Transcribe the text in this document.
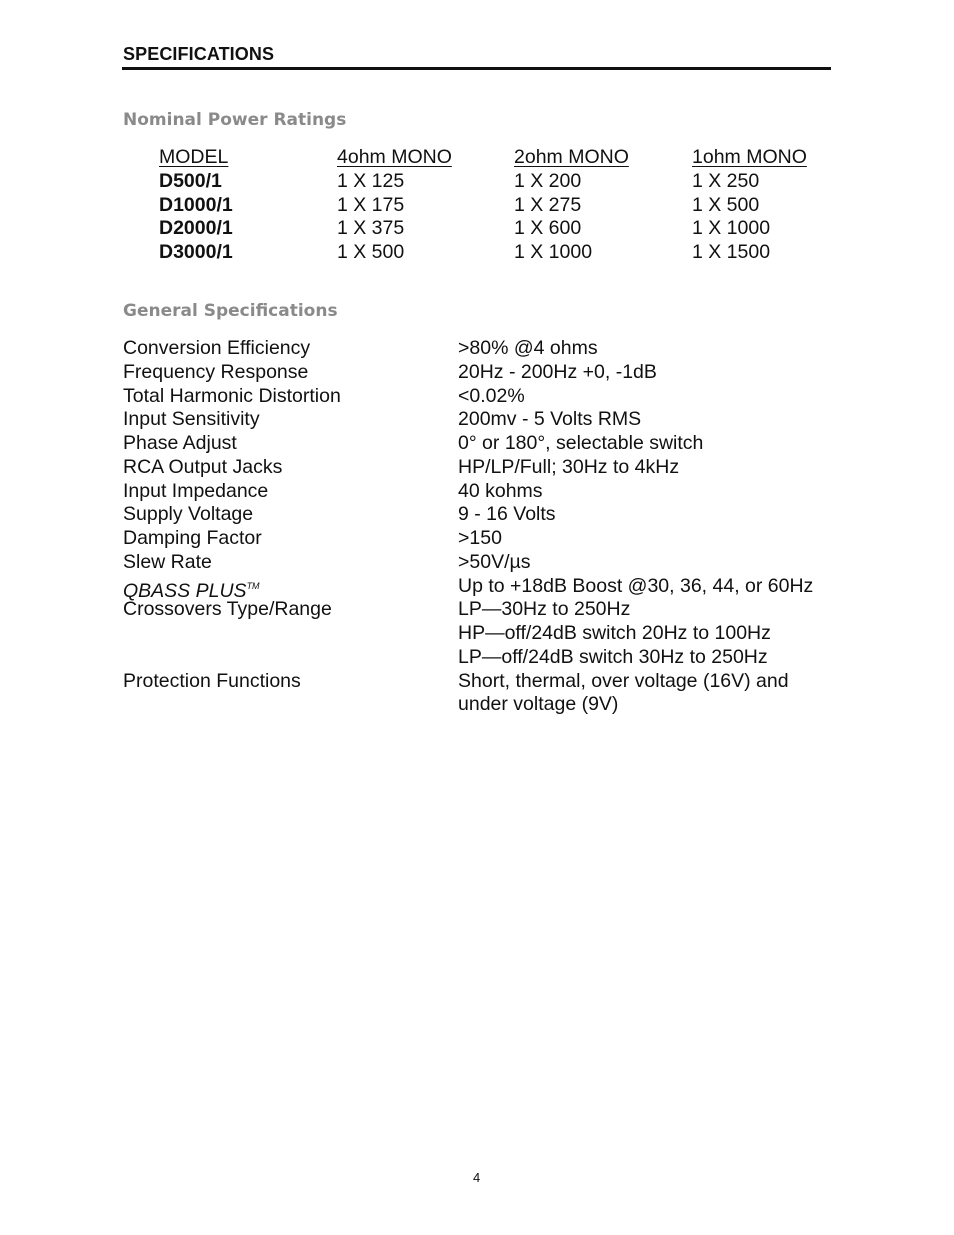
SPECIFICATIONS
Nominal Power Ratings
MODEL	4ohm MONO	2ohm MONO	1ohm MONO
D500/1	1 X 125	1 X 200	1 X 250
D1000/1	1 X 175	1 X 275	1 X 500
D2000/1	1 X 375	1 X 600	1 X 1000
D3000/1	1 X 500	1 X 1000	1 X 1500
General Specifications
Conversion Efficiency	>80% @4 ohms
Frequency Response	20Hz - 200Hz +0, -1dB
Total Harmonic Distortion	<0.02%
Input Sensitivity	200mv - 5 Volts RMS
Phase Adjust	0° or 180°, selectable switch
RCA Output Jacks	HP/LP/Full; 30Hz to 4kHz
Input Impedance	40 kohms
Supply Voltage	9 - 16 Volts
Damping Factor	>150
Slew Rate	>50V/µs
QBASS PLUS™	Up to +18dB Boost @30, 36, 44, or 60Hz
Crossovers Type/Range	LP—30Hz to 250Hz
HP—off/24dB switch 20Hz to 100Hz
LP—off/24dB switch 30Hz to 250Hz
Protection Functions	Short, thermal, over voltage (16V) and
under voltage (9V)
4
